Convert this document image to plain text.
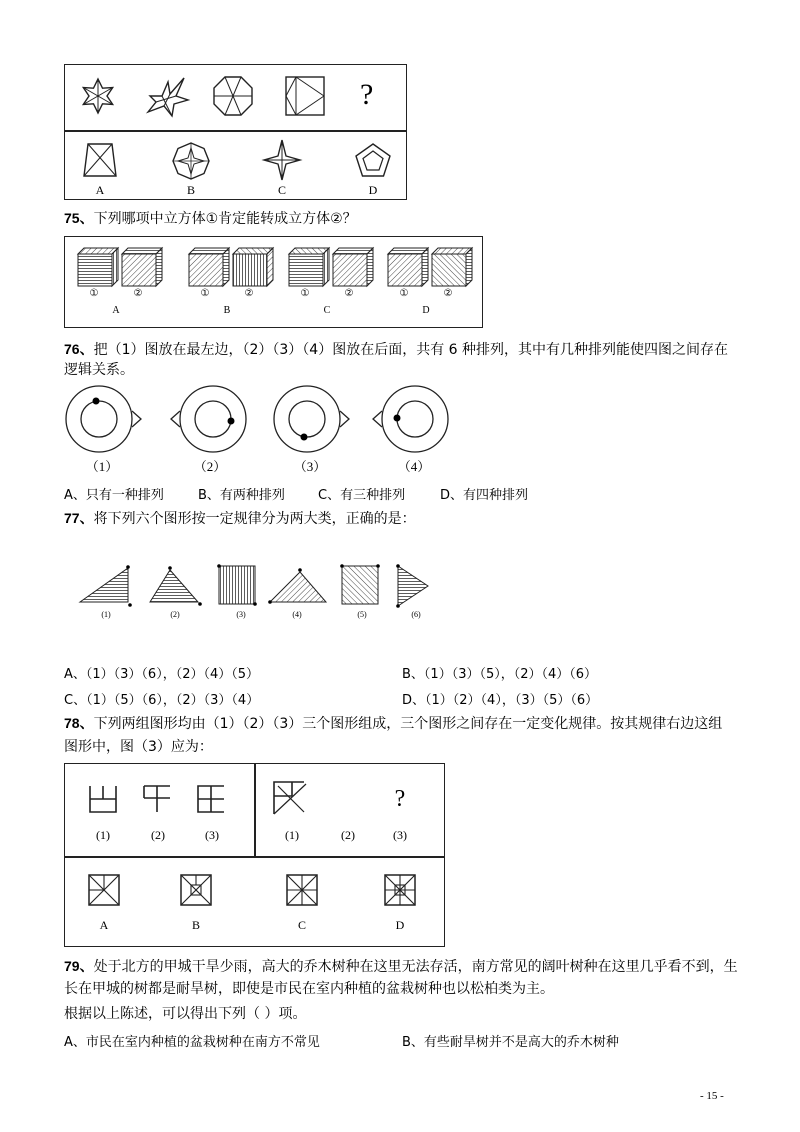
?
A	B	C	D
75、下列哪项中立方体①肯定能转成立方体②？
①	②	①	②	①	②	①	②
A	B	C	D
76、把（1）图放在最左边，（2）（3）（4）图放在后面，共有 6 种排列，其中有几种排列能使四图之间存在
逻辑关系。
（1）	（2）	（3）	（4）
A、只有一种排列	B、有两种排列	C、有三种排列	D、有四种排列
77、将下列六个图形按一定规律分为两大类，正确的是：
(1)	(2)	(3)	(4)	(5)	(6)
A、（1）（3）（6），（2）（4）（5）	B、（1）（3）（5），（2）（4）（6）
C、（1）（5）（6），（2）（3）（4）	D、（1）（2）（4），（3）（5）（6）
78、下列两组图形均由（1）（2）（3）三个图形组成，三个图形之间存在一定变化规律。按其规律右边这组
图形中，图（3）应为：
(1)	(2)	(3)
?
(1)	(2)	(3)
A	B	C	D
79、处于北方的甲城干旱少雨，高大的乔木树种在这里无法存活，南方常见的阔叶树种在这里几乎看不到，生
长在甲城的树都是耐旱树，即使是市民在室内种植的盆栽树种也以松柏类为主。
根据以上陈述，可以得出下列（ ）项。
A、市民在室内种植的盆栽树种在南方不常见	B、有些耐旱树并不是高大的乔木树种
- 15 -
